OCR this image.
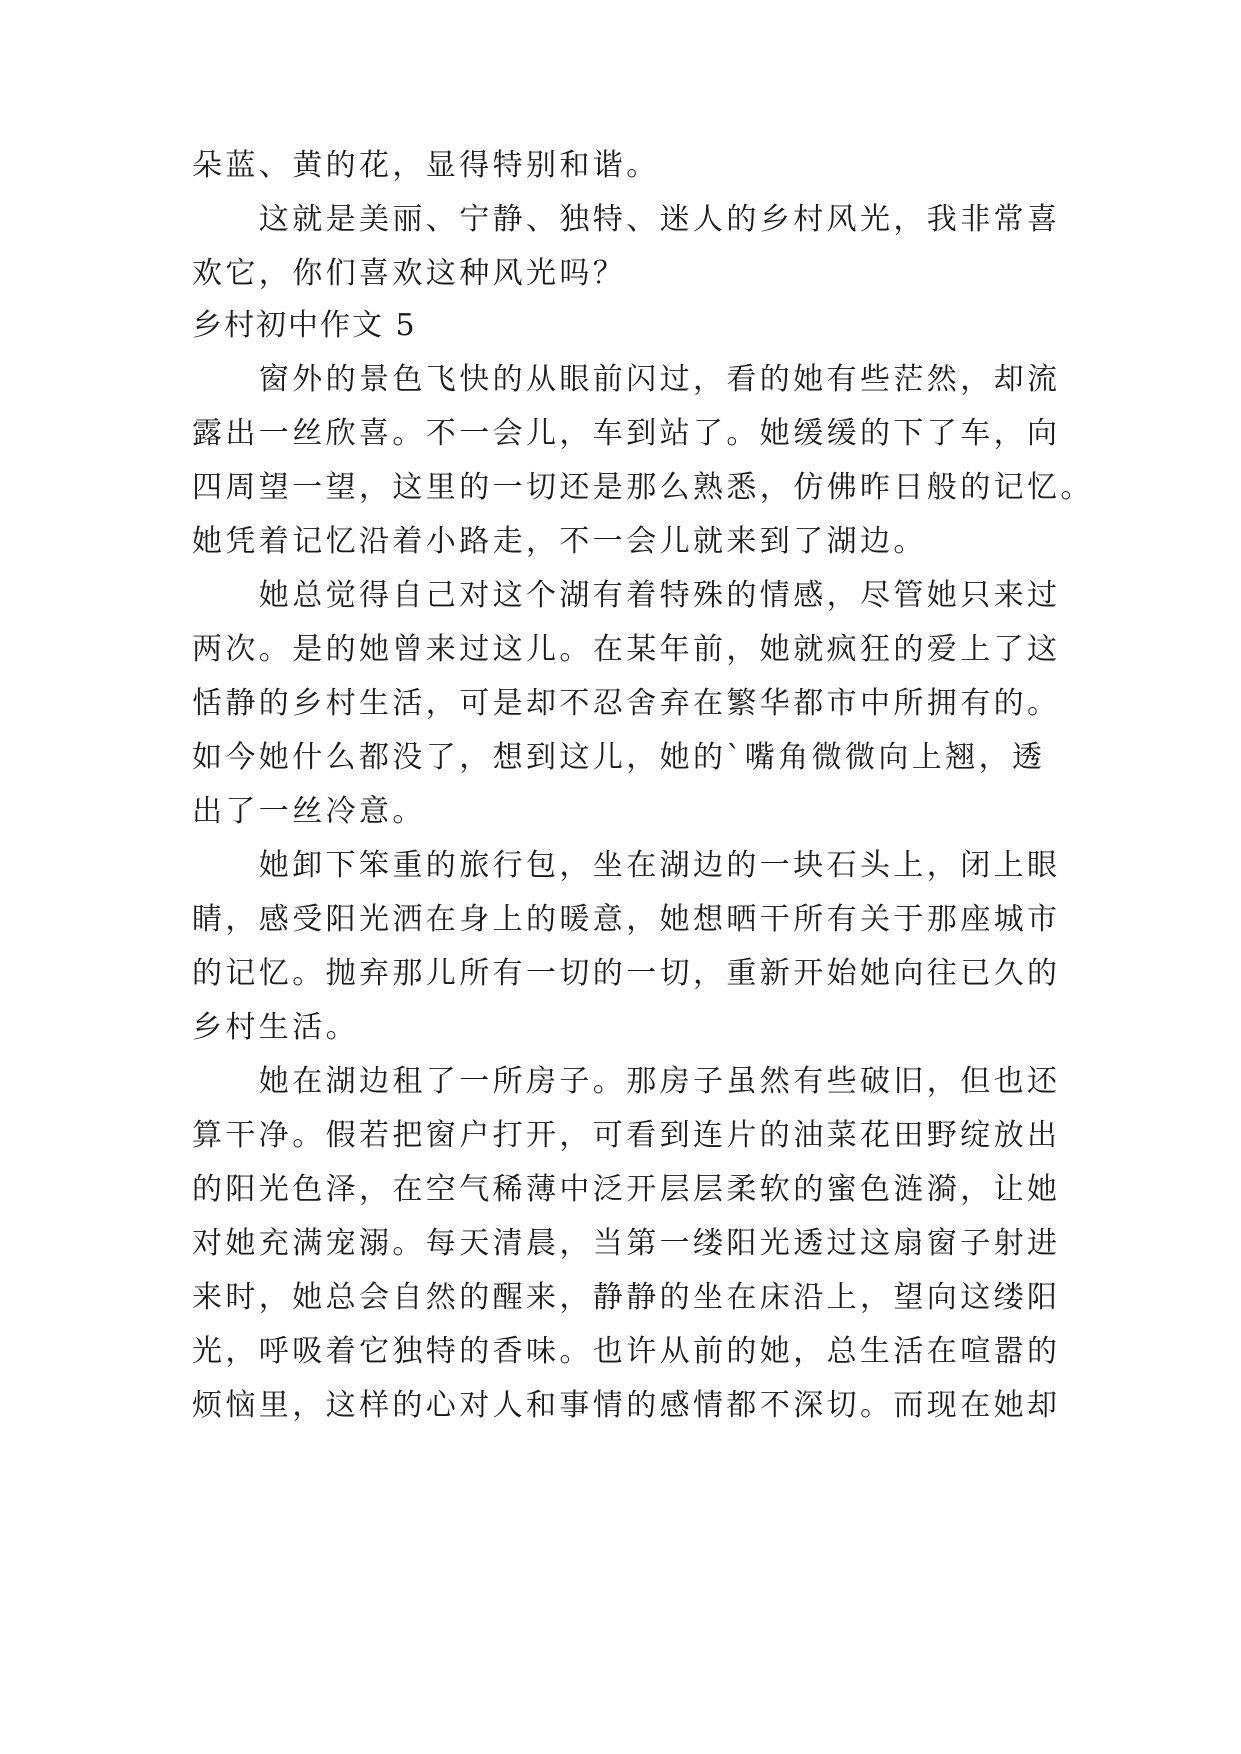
朵蓝、黄的花，显得特别和谐。
　　这就是美丽、宁静、独特、迷人的乡村风光，我非常喜
欢它，你们喜欢这种风光吗？
乡村初中作文 5
　　窗外的景色飞快的从眼前闪过，看的她有些茫然，却流
露出一丝欣喜。不一会儿，车到站了。她缓缓的下了车，向
四周望一望，这里的一切还是那么熟悉，仿佛昨日般的记忆。
她凭着记忆沿着小路走，不一会儿就来到了湖边。
　　她总觉得自己对这个湖有着特殊的情感，尽管她只来过
两次。是的她曾来过这儿。在某年前，她就疯狂的爱上了这
恬静的乡村生活，可是却不忍舍弃在繁华都市中所拥有的。
如今她什么都没了，想到这儿，她的`嘴角微微向上翘，透
出了一丝冷意。
　　她卸下笨重的旅行包，坐在湖边的一块石头上，闭上眼
睛，感受阳光洒在身上的暖意，她想晒干所有关于那座城市
的记忆。抛弃那儿所有一切的一切，重新开始她向往已久的
乡村生活。
　　她在湖边租了一所房子。那房子虽然有些破旧，但也还
算干净。假若把窗户打开，可看到连片的油菜花田野绽放出
的阳光色泽，在空气稀薄中泛开层层柔软的蜜色涟漪，让她
对她充满宠溺。每天清晨，当第一缕阳光透过这扇窗子射进
来时，她总会自然的醒来，静静的坐在床沿上，望向这缕阳
光，呼吸着它独特的香味。也许从前的她，总生活在喧嚣的
烦恼里，这样的心对人和事情的感情都不深切。而现在她却
